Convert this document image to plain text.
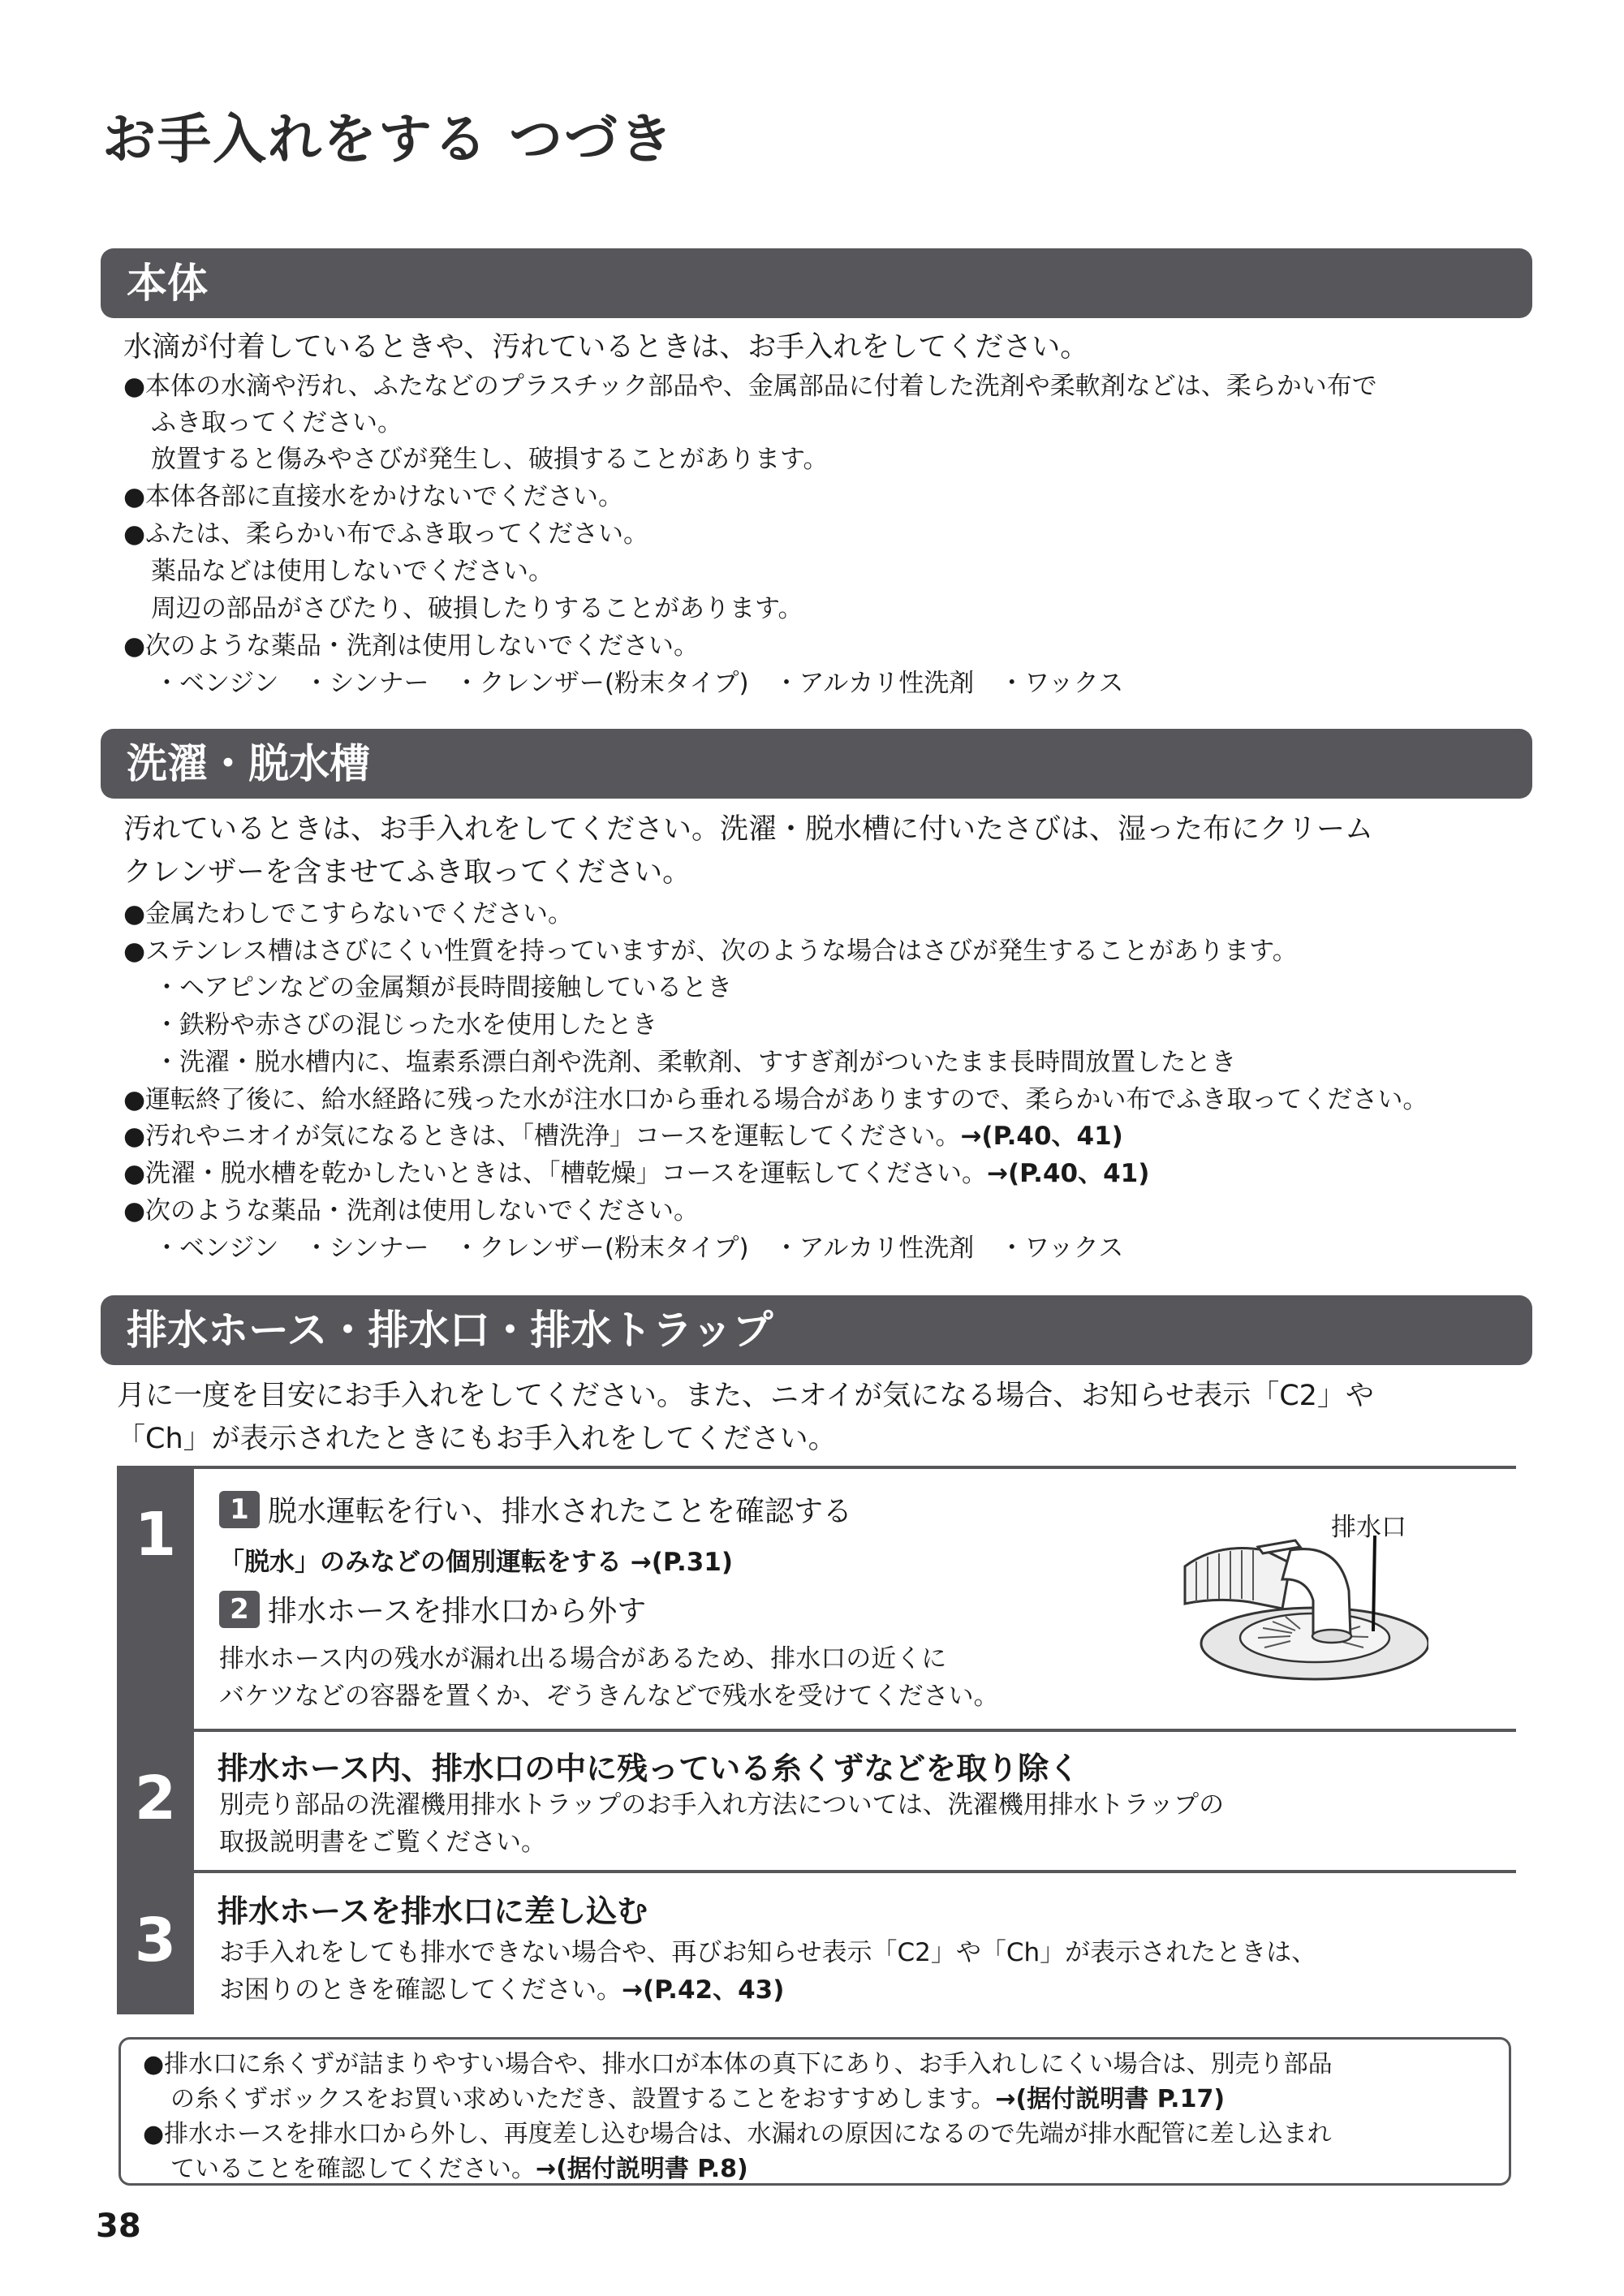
お手入れをする つづき
本体
水滴が付着しているときや、汚れているときは、お手入れをしてください。
●本体の水滴や汚れ、ふたなどのプラスチック部品や、金属部品に付着した洗剤や柔軟剤などは、柔らかい布で
ふき取ってください。
放置すると傷みやさびが発生し、破損することがあります。
●本体各部に直接水をかけないでください。
●ふたは、柔らかい布でふき取ってください。
薬品などは使用しないでください。
周辺の部品がさびたり、破損したりすることがあります。
●次のような薬品・洗剤は使用しないでください。
・ベンジン　・シンナー　・クレンザー(粉末タイプ)　・アルカリ性洗剤　・ワックス
洗濯・脱水槽
汚れているときは、お手入れをしてください。洗濯・脱水槽に付いたさびは、湿った布にクリーム
クレンザーを含ませてふき取ってください。
●金属たわしでこすらないでください。
●ステンレス槽はさびにくい性質を持っていますが、次のような場合はさびが発生することがあります。
・ヘアピンなどの金属類が長時間接触しているとき
・鉄粉や赤さびの混じった水を使用したとき
・洗濯・脱水槽内に、塩素系漂白剤や洗剤、柔軟剤、すすぎ剤がついたまま長時間放置したとき
●運転終了後に、給水経路に残った水が注水口から垂れる場合がありますので、柔らかい布でふき取ってください。
●汚れやニオイが気になるときは、「槽洗浄」コースを運転してください。→(P.40、41)
●洗濯・脱水槽を乾かしたいときは、「槽乾燥」コースを運転してください。→(P.40、41)
●次のような薬品・洗剤は使用しないでください。
・ベンジン　・シンナー　・クレンザー(粉末タイプ)　・アルカリ性洗剤　・ワックス
排水ホース・排水口・排水トラップ
月に一度を目安にお手入れをしてください。また、ニオイが気になる場合、お知らせ表示「C2」や
「Ch」が表示されたときにもお手入れをしてください。
1	1 脱水運転を行い、排水されたことを確認する
「脱水」のみなどの個別運転をする →(P.31)
2 排水ホースを排水口から外す
排水ホース内の残水が漏れ出る場合があるため、排水口の近くに
バケツなどの容器を置くか、ぞうきんなどで残水を受けてください。
排水口
2	排水ホース内、排水口の中に残っている糸くずなどを取り除く
別売り部品の洗濯機用排水トラップのお手入れ方法については、洗濯機用排水トラップの
取扱説明書をご覧ください。
3	排水ホースを排水口に差し込む
お手入れをしても排水できない場合や、再びお知らせ表示「C2」や「Ch」が表示されたときは、
お困りのときを確認してください。→(P.42、43)
●排水口に糸くずが詰まりやすい場合や、排水口が本体の真下にあり、お手入れしにくい場合は、別売り部品
の糸くずボックスをお買い求めいただき、設置することをおすすめします。→(据付説明書 P.17)
●排水ホースを排水口から外し、再度差し込む場合は、水漏れの原因になるので先端が排水配管に差し込まれ
ていることを確認してください。→(据付説明書 P.8)
38
